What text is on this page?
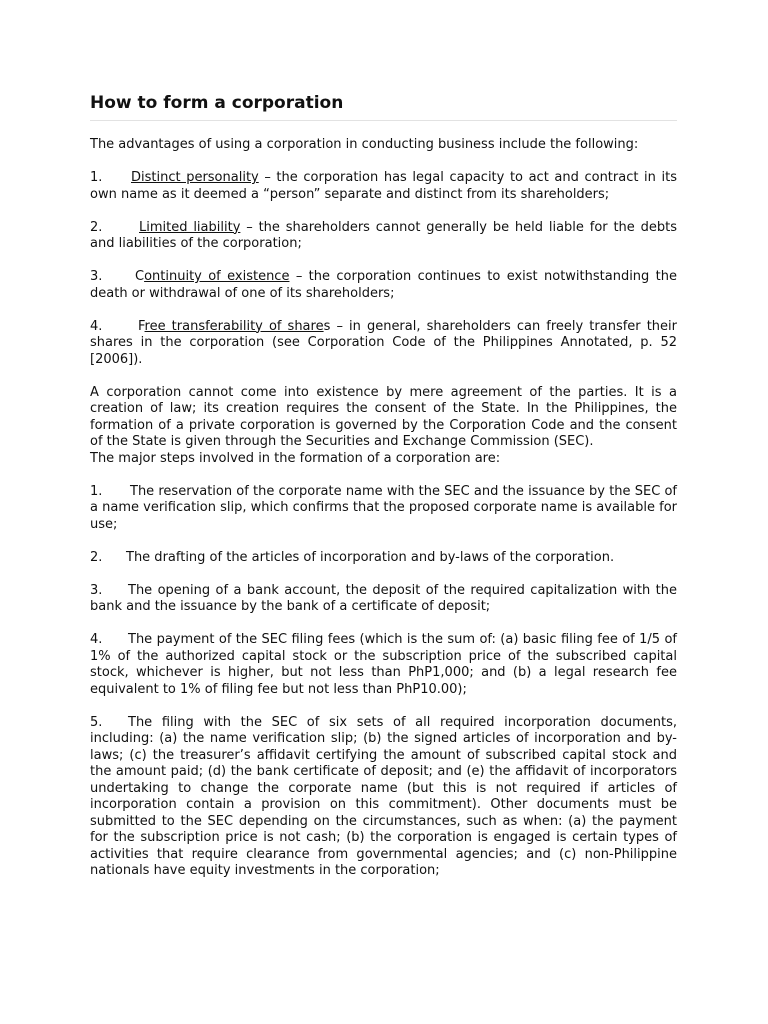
How to form a corporation

The advantages of using a corporation in conducting business include the following:

1. Distinct personality – the corporation has legal capacity to act and contract in its own name as it deemed a “person” separate and distinct from its shareholders;

2.	Limited liability – the shareholders cannot generally be held liable for the debts and liabilities of the corporation;

3.	Continuity of existence – the corporation continues to exist notwithstanding the death or withdrawal of one of its shareholders;

4.	Free transferability of shares – in general, shareholders can freely transfer their shares in the corporation (see Corporation Code of the Philippines Annotated, p. 52 [2006]).

A corporation cannot come into existence by mere agreement of the parties. It is a creation of law; its creation requires the consent of the State. In the Philippines, the formation of a private corporation is governed by the Corporation Code and the consent of the State is given through the Securities and Exchange Commission (SEC).

The major steps involved in the formation of a corporation are:

1. The reservation of the corporate name with the SEC and the issuance by the SEC of a name verification slip, which confirms that the proposed corporate name is available for use;

2. The drafting of the articles of incorporation and by-laws of the corporation.

3. The opening of a bank account, the deposit of the required capitalization with the bank and the issuance by the bank of a certificate of deposit;

4. The payment of the SEC filing fees (which is the sum of: (a) basic filing fee of 1/5 of 1% of the authorized capital stock or the subscription price of the subscribed capital stock, whichever is higher, but not less than PhP1,000; and (b) a legal research fee equivalent to 1% of filing fee but not less than PhP10.00);

5. The filing with the SEC of six sets of all required incorporation documents, including: (a) the name verification slip; (b) the signed articles of incorporation and by-laws; (c) the treasurer’s affidavit certifying the amount of subscribed capital stock and the amount paid; (d) the bank certificate of deposit; and (e) the affidavit of incorporators undertaking to change the corporate name (but this is not required if articles of incorporation contain a provision on this commitment). Other documents must be submitted to the SEC depending on the circumstances, such as when: (a) the payment for the subscription price is not cash; (b) the corporation is engaged is certain types of activities that require clearance from governmental agencies; and (c) non-Philippine nationals have equity investments in the corporation;
